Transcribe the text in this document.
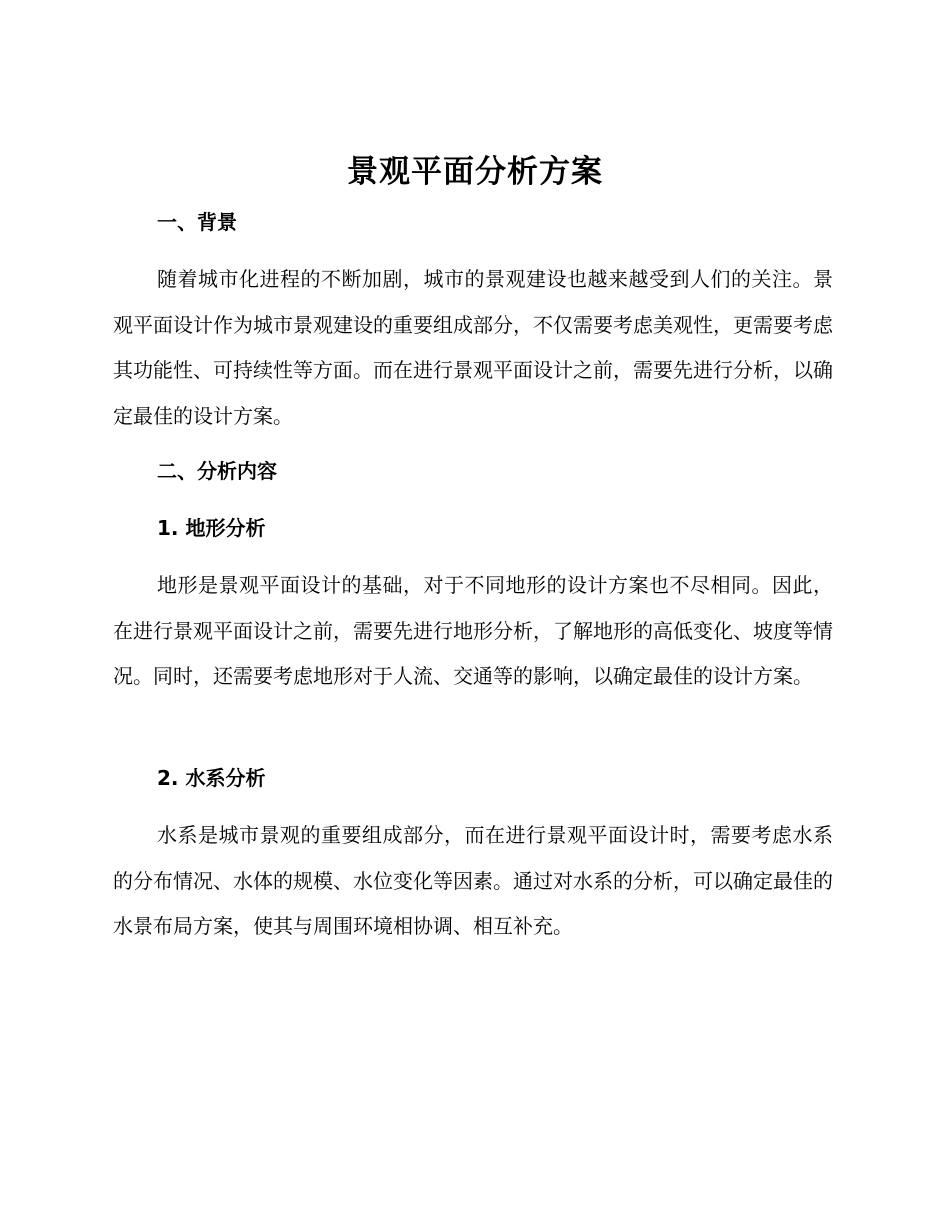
景观平面分析方案
一、背景
随着城市化进程的不断加剧，城市的景观建设也越来越受到人们的关注。景观平面设计作为城市景观建设的重要组成部分，不仅需要考虑美观性，更需要考虑其功能性、可持续性等方面。而在进行景观平面设计之前，需要先进行分析，以确定最佳的设计方案。
二、分析内容
1. 地形分析
地形是景观平面设计的基础，对于不同地形的设计方案也不尽相同。因此，在进行景观平面设计之前，需要先进行地形分析，了解地形的高低变化、坡度等情况。同时，还需要考虑地形对于人流、交通等的影响，以确定最佳的设计方案。
2. 水系分析
水系是城市景观的重要组成部分，而在进行景观平面设计时，需要考虑水系的分布情况、水体的规模、水位变化等因素。通过对水系的分析，可以确定最佳的水景布局方案，使其与周围环境相协调、相互补充。
